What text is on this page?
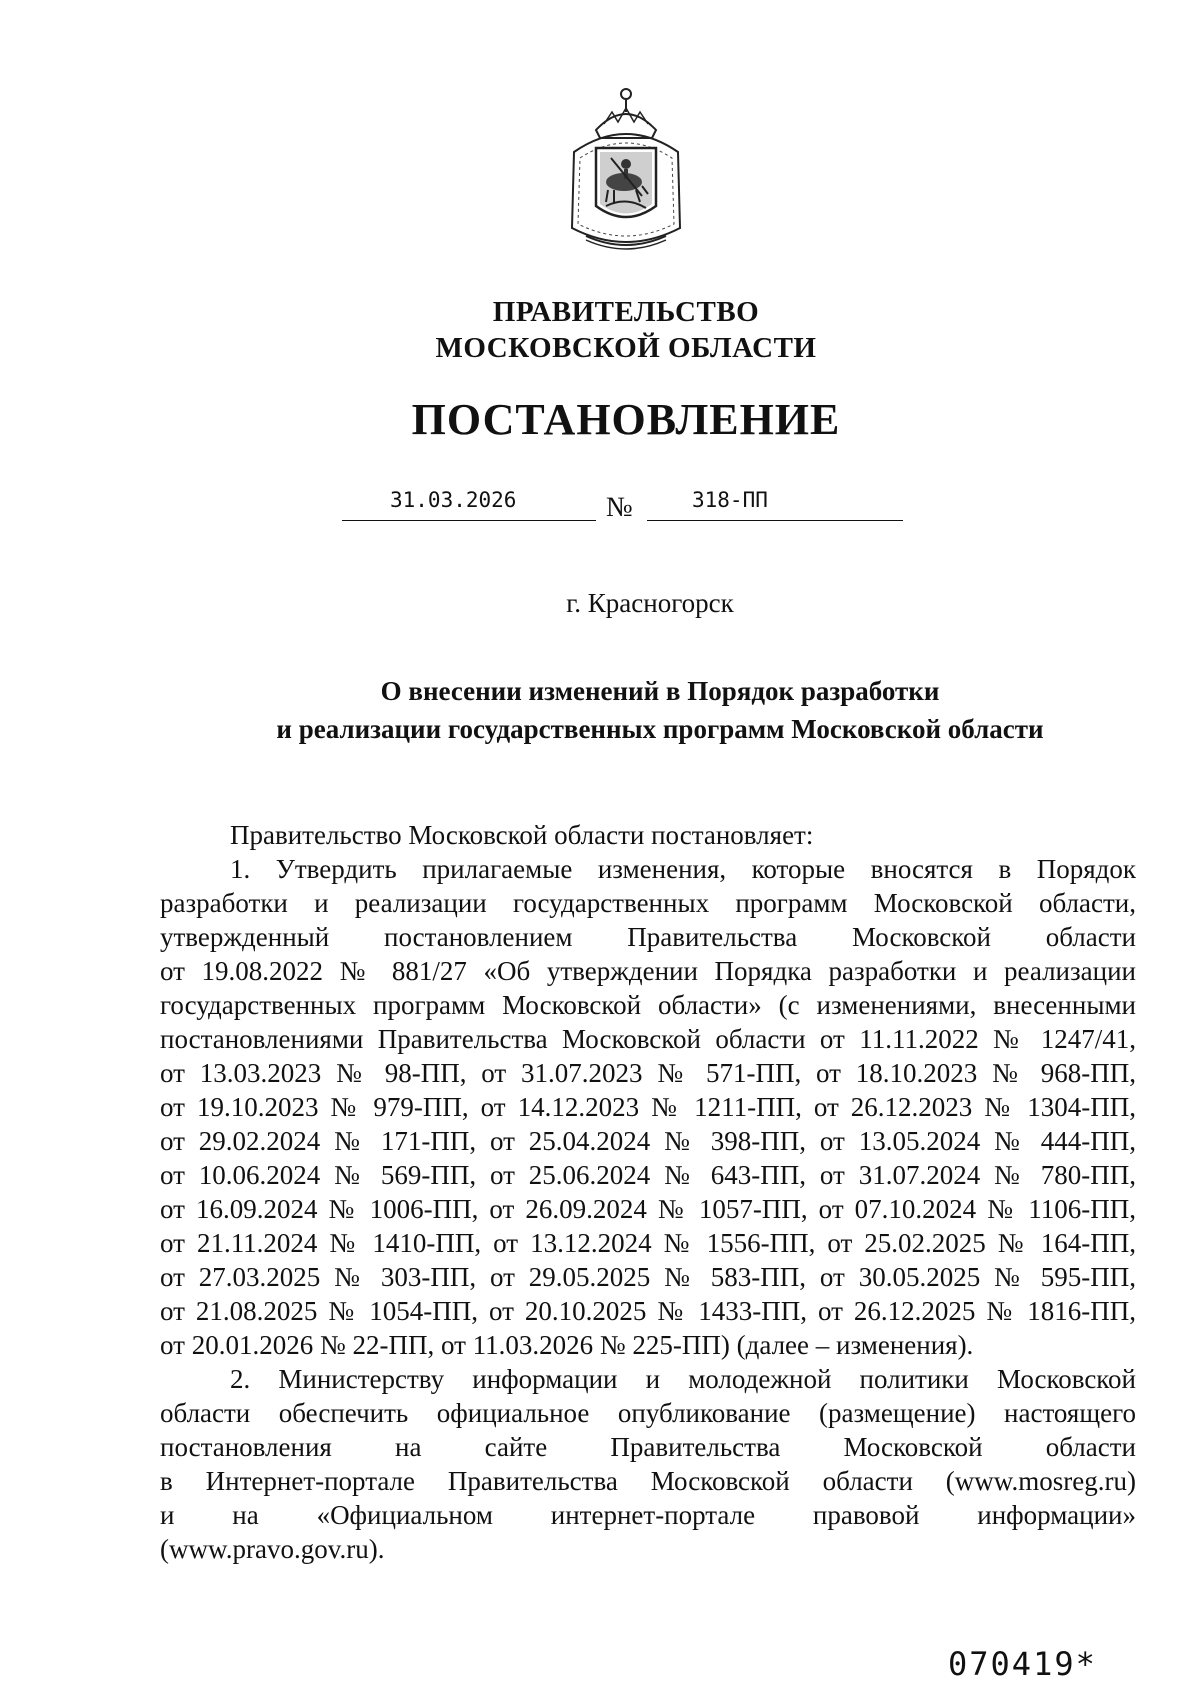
ПРАВИТЕЛЬСТВО
МОСКОВСКОЙ ОБЛАСТИ
ПОСТАНОВЛЕНИЕ
31.03.2026	№	318-ПП
г. Красногорск
О внесении изменений в Порядок разработки
и реализации государственных программ Московской области
Правительство Московской области постановляет:
1. Утвердить прилагаемые изменения, которые вносятся в Порядок
разработки и реализации государственных программ Московской области,
утвержденный постановлением Правительства Московской области
от 19.08.2022 № 881/27 «Об утверждении Порядка разработки и реализации
государственных программ Московской области» (с изменениями, внесенными
постановлениями Правительства Московской области от 11.11.2022 № 1247/41,
от 13.03.2023 № 98-ПП, от 31.07.2023 № 571-ПП, от 18.10.2023 № 968-ПП,
от 19.10.2023 № 979-ПП, от 14.12.2023 № 1211-ПП, от 26.12.2023 № 1304-ПП,
от 29.02.2024 № 171-ПП, от 25.04.2024 № 398-ПП, от 13.05.2024 № 444-ПП,
от 10.06.2024 № 569-ПП, от 25.06.2024 № 643-ПП, от 31.07.2024 № 780-ПП,
от 16.09.2024 № 1006-ПП, от 26.09.2024 № 1057-ПП, от 07.10.2024 № 1106-ПП,
от 21.11.2024 № 1410-ПП, от 13.12.2024 № 1556-ПП, от 25.02.2025 № 164-ПП,
от 27.03.2025 № 303-ПП, от 29.05.2025 № 583-ПП, от 30.05.2025 № 595-ПП,
от 21.08.2025 № 1054-ПП, от 20.10.2025 № 1433-ПП, от 26.12.2025 № 1816-ПП,
от 20.01.2026 № 22-ПП, от 11.03.2026 № 225-ПП) (далее – изменения).
2. Министерству информации и молодежной политики Московской
области обеспечить официальное опубликование (размещение) настоящего
постановления на сайте Правительства Московской области
в Интернет-портале Правительства Московской области (www.mosreg.ru)
и на «Официальном интернет-портале правовой информации»
(www.pravo.gov.ru).
070419*
